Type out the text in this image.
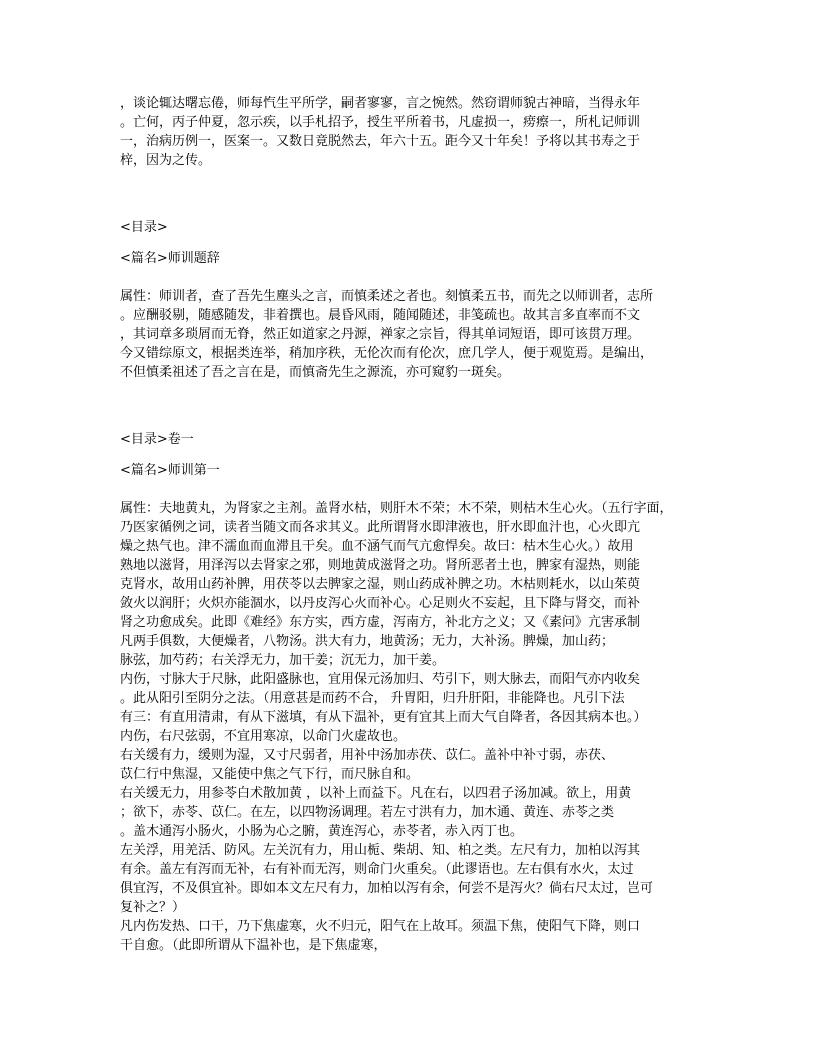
，谈论辄达曙忘倦，师每忾生平所学，嗣者寥寥，言之惋然。然窃谓师貌古神暗，当得永年
。亡何，丙子仲夏，忽示疾，以手札招予，授生平所着书，凡虚损一，痨瘵一，所札记师训
一，治病历例一，医案一。又数日竟脱然去，年六十五。距今又十年矣！予将以其书寿之于
梓，因为之传。

<目录>

<篇名>师训题辞

属性：师训者，查了吾先生塵头之言，而慎柔述之者也。刻慎柔五书，而先之以师训者，志所
。应酬驳剔，随感随发，非着撰也。晨昏风雨，随闻随述，非笺疏也。故其言多直率而不文
，其词章多琐屑而无脊，然正如道家之丹源，禅家之宗旨，得其单词短语，即可该贯万理。
今又错综原文，根据类连举，稍加序秩，无伦次而有伦次，庶几学人，便于观览焉。是编出，
不但慎柔祖述了吾之言在是，而慎斋先生之源流，亦可窥豹一斑矣。

<目录>卷一

<篇名>师训第一

属性：夫地黄丸，为肾家之主剂。盖肾水枯，则肝木不荣；木不荣，则枯木生心火。（五行字面，
乃医家循例之词，读者当随文而各求其义。此所谓肾水即津液也，肝水即血汁也，心火即亢
燥之热气也。津不濡血而血滞且干矣。血不涵气而气亢愈悍矣。故曰：枯木生心火。）故用
熟地以滋肾，用泽泻以去肾家之邪，则地黄成滋肾之功。肾所恶者土也，脾家有湿热，则能
克肾水，故用山药补脾，用茯苓以去脾家之湿，则山药成补脾之功。木枯则耗水，以山茱萸
敛火以润肝；火炽亦能涸水，以丹皮泻心火而补心。心足则火不妄起，且下降与肾交，而补
肾之功愈成矣。此即《难经》东方实，西方虚，泻南方，补北方之义；又《素问》亢害承制
凡两手俱数，大便燥者，八物汤。洪大有力，地黄汤；无力，大补汤。脾燥，加山药；
脉弦，加芍药；右关浮无力，加干姜；沉无力，加干姜。

内伤，寸脉大于尺脉，此阳盛脉也，宜用保元汤加归、芍引下，则大脉去，而阳气亦内收矣
。此从阳引至阴分之法。（用意甚是而药不合， 升胃阳，归升肝阳，非能降也。凡引下法
有三：有直用清肃，有从下滋填，有从下温补，更有宜其上而大气自降者，各因其病本也。）

内伤，右尺弦弱，不宜用寒凉，以命门火虚故也。

右关缓有力，缓则为湿，又寸尺弱者，用补中汤加赤茯、苡仁。盖补中补寸弱，赤茯、
苡仁行中焦湿，又能使中焦之气下行，而尺脉自和。

右关缓无力，用参苓白术散加黄 ，以补上而益下。凡在右，以四君子汤加减。欲上，用黄
；欲下，赤苓、苡仁。在左，以四物汤调理。若左寸洪有力，加木通、黄连、赤苓之类
。盖木通泻小肠火，小肠为心之腑，黄连泻心，赤苓者，赤入丙丁也。

左关浮，用羌活、防风。左关沉有力，用山栀、柴胡、知、柏之类。左尺有力，加柏以泻其
有余。盖左有泻而无补，右有补而无泻，则命门火重矣。（此谬语也。左右俱有水火，太过
俱宜泻，不及俱宜补。即如本文左尺有力，加柏以泻有余，何尝不是泻火？倘右尺太过，岂可
复补之？）

凡内伤发热、口干，乃下焦虚寒，火不归元，阳气在上故耳。须温下焦，使阳气下降，则口
干自愈。（此即所谓从下温补也，是下焦虚寒，
